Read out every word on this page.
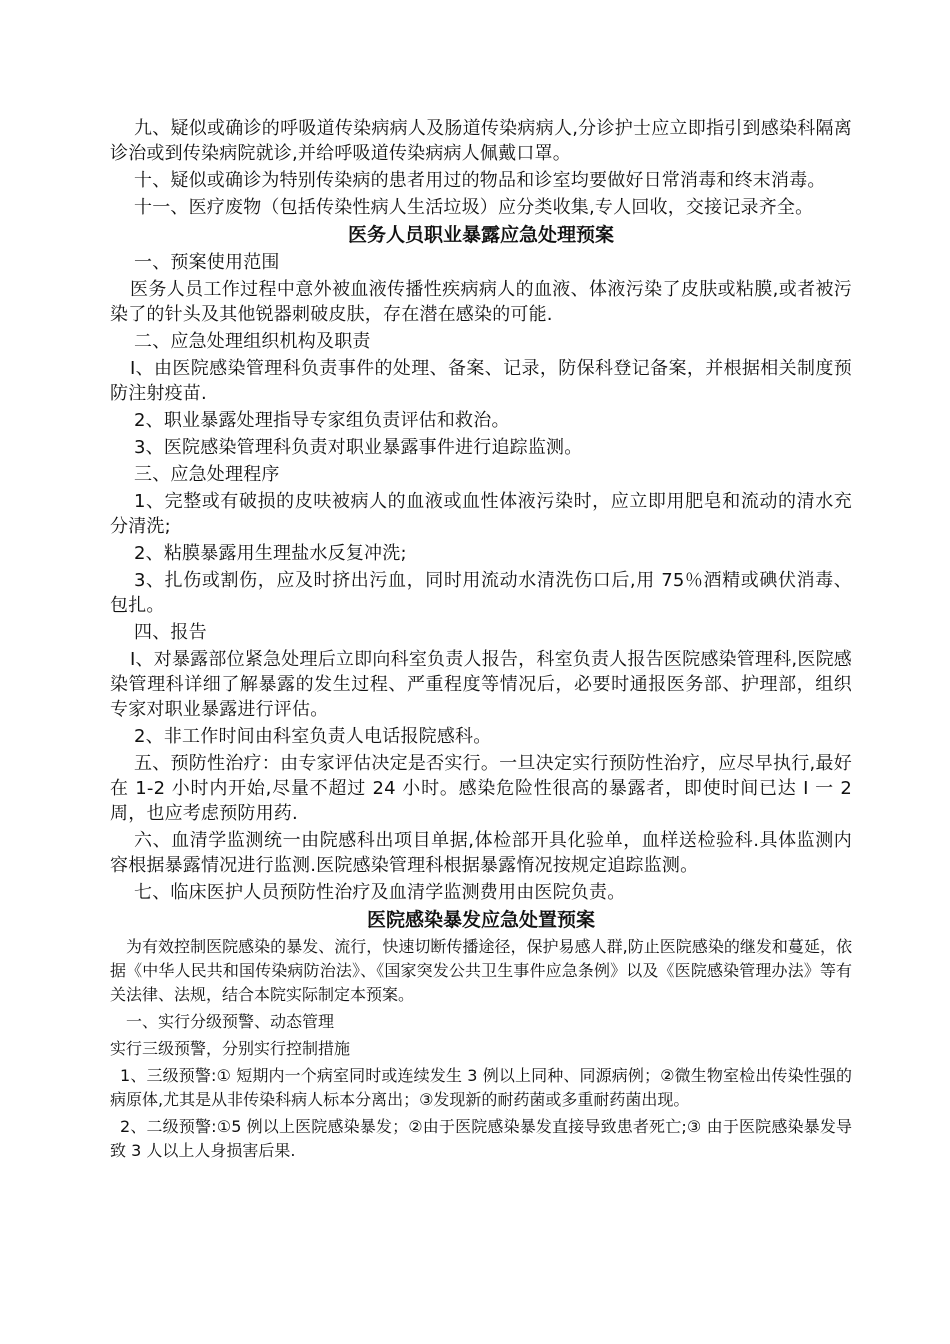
九、疑似或确诊的呼吸道传染病病人及肠道传染病病人,分诊护士应立即指引到感染科隔离诊治或到传染病院就诊,并给呼吸道传染病病人佩戴口罩。

十、疑似或确诊为特别传染病的患者用过的物品和诊室均要做好日常消毒和终末消毒。

十一、医疗废物（包括传染性病人生活垃圾）应分类收集,专人回收，交接记录齐全。

医务人员职业暴露应急处理预案

一、预案使用范围

医务人员工作过程中意外被血液传播性疾病病人的血液、体液污染了皮肤或粘膜,或者被污染了的针头及其他锐器刺破皮肤，存在潜在感染的可能.

二、应急处理组织机构及职责

I、由医院感染管理科负责事件的处理、备案、记录，防保科登记备案，并根据相关制度预防注射疫苗.

2、职业暴露处理指导专家组负责评估和救治。

3、医院感染管理科负责对职业暴露事件进行追踪监测。

三、应急处理程序

1、完整或有破损的皮呋被病人的血液或血性体液污染时，应立即用肥皂和流动的清水充分清洗;

2、粘膜暴露用生理盐水反复冲洗;

3、扎伤或割伤，应及时挤出污血，同时用流动水清洗伤口后,用 75％酒精或碘伏消毒、包扎。

四、报告

I、对暴露部位紧急处理后立即向科室负责人报告，科室负责人报告医院感染管理科,医院感染管理科详细了解暴露的发生过程、严重程度等情况后，必要时通报医务部、护理部，组织专家对职业暴露进行评估。

2、非工作时间由科室负责人电话报院感科。

五、预防性治疗：由专家评估决定是否实行。一旦决定实行预防性治疗，应尽早执行,最好在 1-2 小时内开始,尽量不超过 24 小时。感染危险性很高的暴露者，即使时间已达 I 一 2 周，也应考虑预防用药.

六、血清学监测统一由院感科出项目单据,体检部开具化验单，血样送检验科.具体监测内容根据暴露情况进行监测.医院感染管理科根据暴露惰况按规定追踪监测。

七、临床医护人员预防性治疗及血清学监测费用由医院负责。

医院感染暴发应急处置预案

为有效控制医院感染的暴发、流行，快速切断传播途径，保护易感人群,防止医院感染的继发和蔓延，依据《中华人民共和国传染病防治法》、《国家突发公共卫生事件应急条例》以及《医院感染管理办法》等有关法律、法规，结合本院实际制定本预案。

一、实行分级预警、动态管理

实行三级预警，分别实行控制措施

1、三级预警:① 短期内一个病室同时或连续发生 3 例以上同种、同源病例；②微生物室检出传染性强的病原体,尤其是从非传染科病人标本分离出；③发现新的耐药菌或多重耐药菌出现。

2、二级预警:①5 例以上医院感染暴发；②由于医院感染暴发直接导致患者死亡;③ 由于医院感染暴发导致 3 人以上人身损害后果.
